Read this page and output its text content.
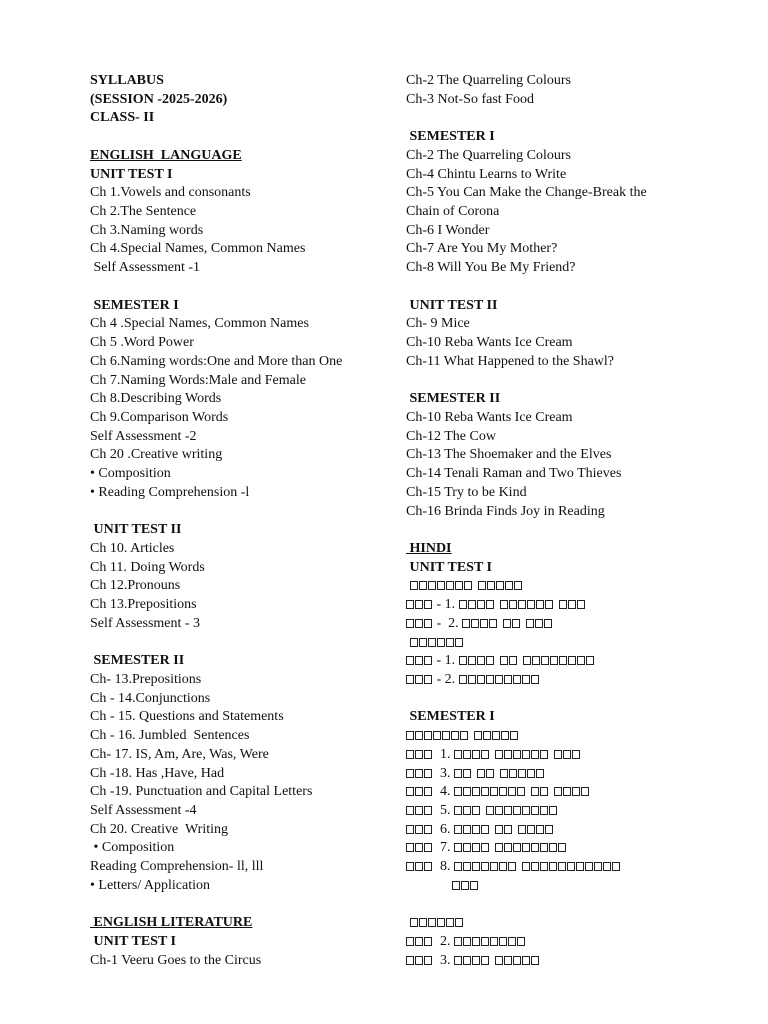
SYLLABUS
(SESSION -2025-2026)
CLASS- II
ENGLISH  LANGUAGE
UNIT TEST I
Ch 1.Vowels and consonants
Ch 2.The Sentence
Ch 3.Naming words
Ch 4.Special Names, Common Names
Self Assessment -1
SEMESTER I
Ch 4 .Special Names, Common Names
Ch 5 .Word Power
Ch 6.Naming words:One and More than One
Ch 7.Naming Words:Male and Female
Ch 8.Describing Words
Ch 9.Comparison Words
Self Assessment -2
Ch 20 .Creative writing
• Composition
• Reading Comprehension -l
UNIT TEST II
Ch 10. Articles
Ch 11. Doing Words
Ch 12.Pronouns
Ch 13.Prepositions
Self Assessment - 3
SEMESTER II
Ch- 13.Prepositions
Ch - 14.Conjunctions
Ch - 15. Questions and Statements
Ch - 16. Jumbled  Sentences
Ch- 17. IS, Am, Are, Was, Were
Ch -18. Has ,Have, Had
Ch -19. Punctuation and Capital Letters
Self Assessment -4
Ch 20. Creative  Writing
• Composition
Reading Comprehension- ll, lll
• Letters/ Application
ENGLISH LITERATURE
UNIT TEST I
Ch-1 Veeru Goes to the Circus
Ch-2 The Quarreling Colours
Ch-3 Not-So fast Food
SEMESTER I
Ch-2 The Quarreling Colours
Ch-4 Chintu Learns to Write
Ch-5 You Can Make the Change-Break the
Chain of Corona
Ch-6 I Wonder
Ch-7 Are You My Mother?
Ch-8 Will You Be My Friend?
UNIT TEST II
Ch- 9 Mice
Ch-10 Reba Wants Ice Cream
Ch-11 What Happened to the Shawl?
SEMESTER II
Ch-10 Reba Wants Ice Cream
Ch-12 The Cow
Ch-13 The Shoemaker and the Elves
Ch-14 Tenali Raman and Two Thieves
Ch-15 Try to be Kind
Ch-16 Brinda Finds Joy in Reading
HINDI
UNIT TEST I
- 1.
-  2.
- 1.
- 2.
SEMESTER I
1.
3.
4.
5.
6.
7.
8.
2.
3.
